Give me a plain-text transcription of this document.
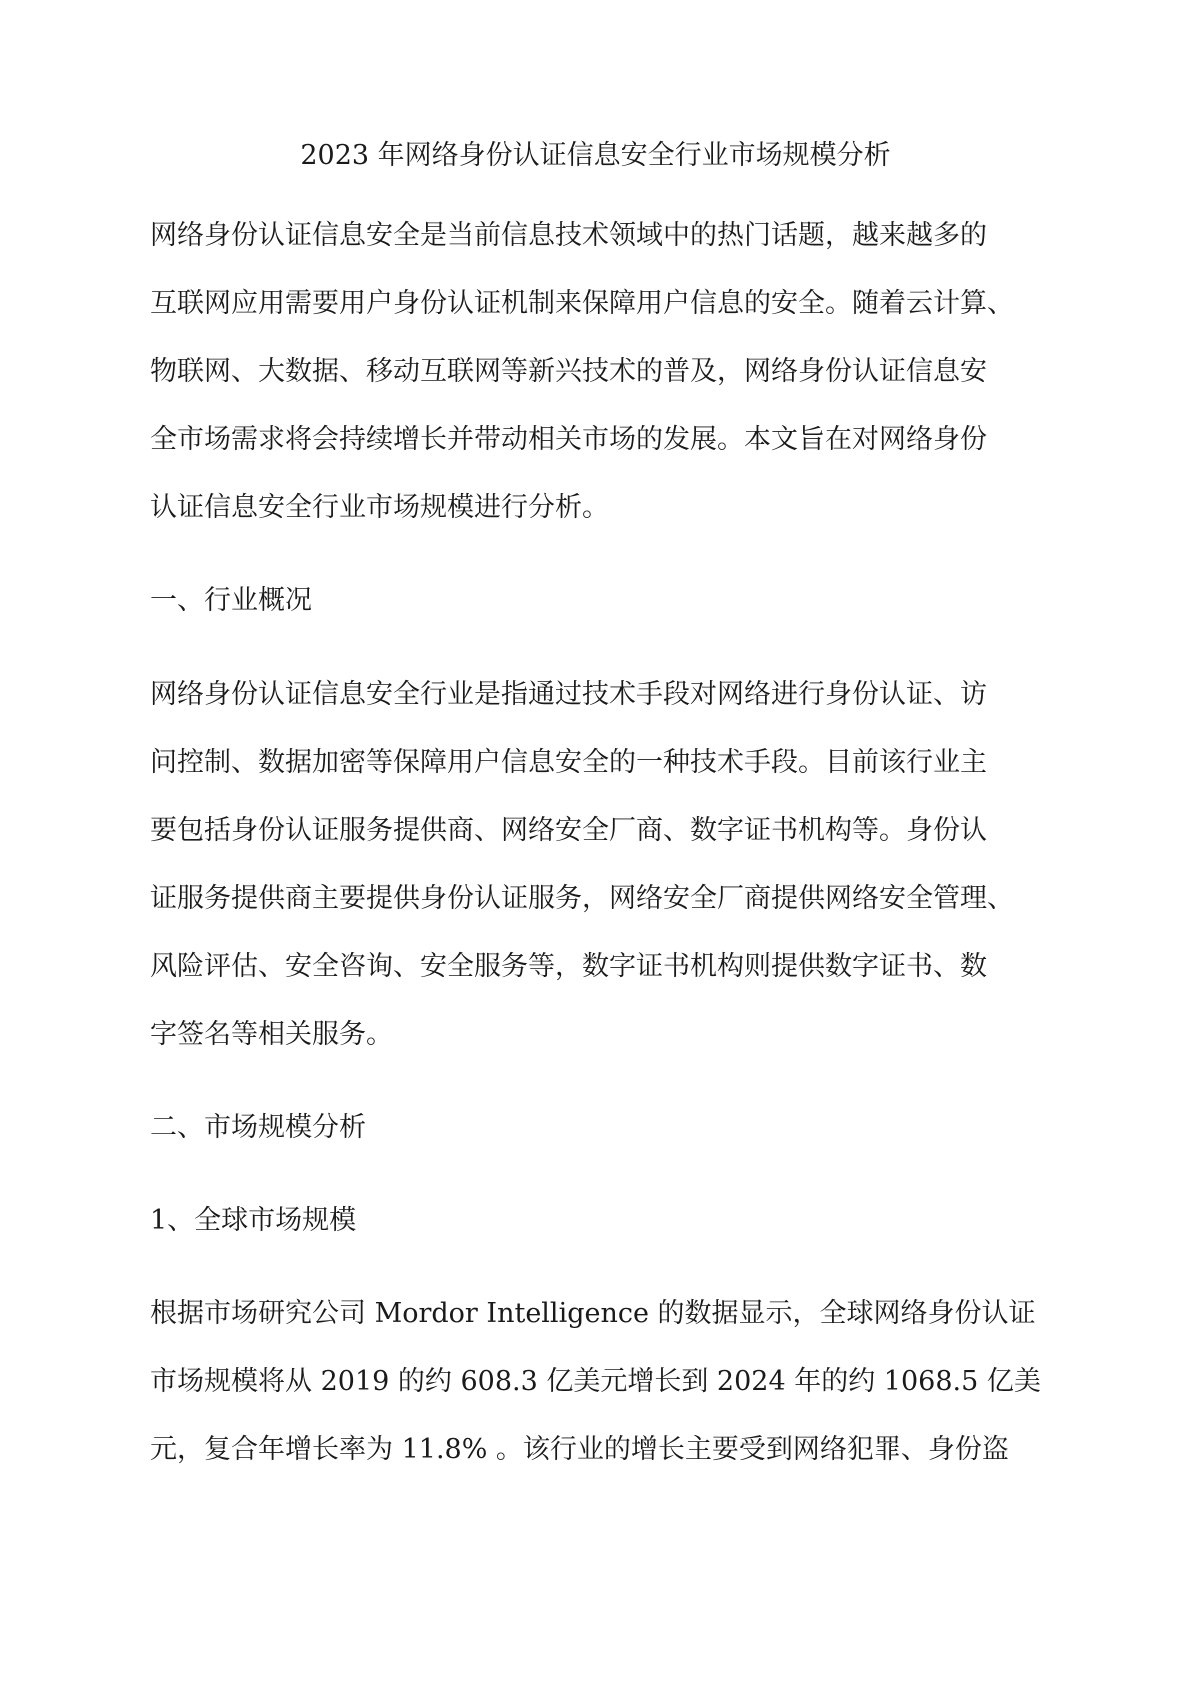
2023 年网络身份认证信息安全行业市场规模分析

网络身份认证信息安全是当前信息技术领域中的热门话题，越来越多的

互联网应用需要用户身份认证机制来保障用户信息的安全。随着云计算、

物联网、大数据、移动互联网等新兴技术的普及，网络身份认证信息安

全市场需求将会持续增长并带动相关市场的发展。本文旨在对网络身份

认证信息安全行业市场规模进行分析。

一、行业概况

网络身份认证信息安全行业是指通过技术手段对网络进行身份认证、访

问控制、数据加密等保障用户信息安全的一种技术手段。目前该行业主

要包括身份认证服务提供商、网络安全厂商、数字证书机构等。身份认

证服务提供商主要提供身份认证服务，网络安全厂商提供网络安全管理、

风险评估、安全咨询、安全服务等，数字证书机构则提供数字证书、数

字签名等相关服务。

二、市场规模分析
1、全球市场规模

根据市场研究公司 Mordor Intelligence 的数据显示，全球网络身份认证

市场规模将从 2019 的约 608.3 亿美元增长到 2024 年的约 1068.5 亿美

元，复合年增长率为 11.8% 。该行业的增长主要受到网络犯罪、身份盗
